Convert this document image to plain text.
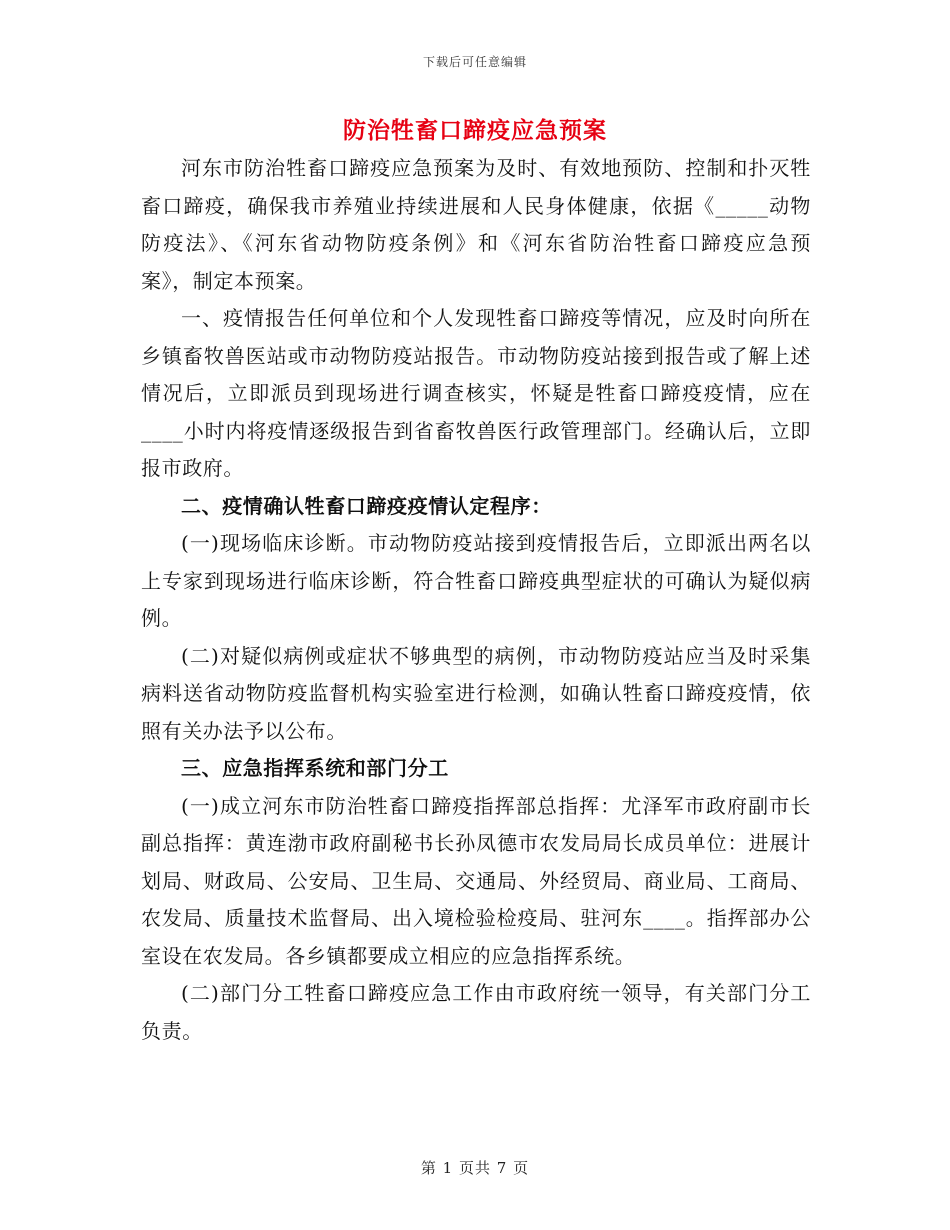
下载后可任意编辑
防治牲畜口蹄疫应急预案

河东市防治牲畜口蹄疫应急预案为及时、有效地预防、控制和扑灭牲畜口蹄疫，确保我市养殖业持续进展和人民身体健康，依据《_____动物防疫法》、《河东省动物防疫条例》和《河东省防治牲畜口蹄疫应急预案》，制定本预案。

一、疫情报告任何单位和个人发现牲畜口蹄疫等情况，应及时向所在乡镇畜牧兽医站或市动物防疫站报告。市动物防疫站接到报告或了解上述情况后，立即派员到现场进行调查核实，怀疑是牲畜口蹄疫疫情，应在____小时内将疫情逐级报告到省畜牧兽医行政管理部门。经确认后，立即报市政府。

二、疫情确认牲畜口蹄疫疫情认定程序：

(一)现场临床诊断。市动物防疫站接到疫情报告后，立即派出两名以上专家到现场进行临床诊断，符合牲畜口蹄疫典型症状的可确认为疑似病例。

(二)对疑似病例或症状不够典型的病例，市动物防疫站应当及时采集病料送省动物防疫监督机构实验室进行检测，如确认牲畜口蹄疫疫情，依照有关办法予以公布。

三、应急指挥系统和部门分工

(一)成立河东市防治牲畜口蹄疫指挥部总指挥：尤泽军市政府副市长副总指挥：黄连渤市政府副秘书长孙凤德市农发局局长成员单位：进展计划局、财政局、公安局、卫生局、交通局、外经贸局、商业局、工商局、农发局、质量技术监督局、出入境检验检疫局、驻河东____。指挥部办公室设在农发局。各乡镇都要成立相应的应急指挥系统。

(二)部门分工牲畜口蹄疫应急工作由市政府统一领导，有关部门分工负责。

第 1 页共 7 页
